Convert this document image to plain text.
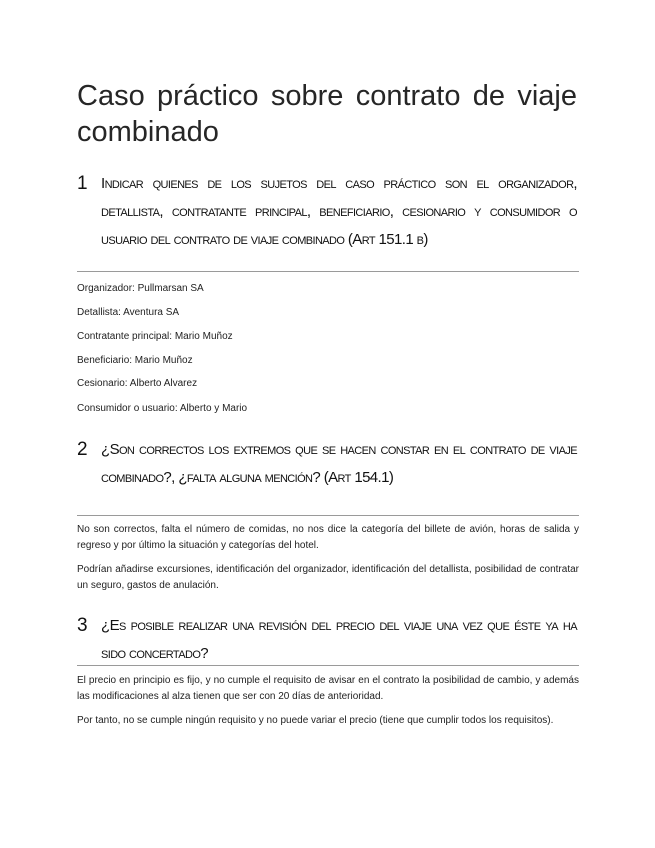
Caso práctico sobre contrato de viaje combinado
1 Indicar quienes de los sujetos del caso práctico son el organizador, detallista, contratante principal, beneficiario, cesionario y consumidor o usuario del contrato de viaje combinado (Art 151.1 b)

Organizador: Pullmarsan SA

Detallista: Aventura SA

Contratante principal: Mario Muñoz

Beneficiario: Mario Muñoz

Cesionario: Alberto Alvarez

Consumidor o usuario: Alberto y Mario

2 ¿Son correctos los extremos que se hacen constar en el contrato de viaje combinado?, ¿falta alguna mención? (Art 154.1)

No son correctos, falta el número de comidas, no nos dice la categoría del billete de avión, horas de salida y regreso y por último la situación y categorías del hotel.

Podrían añadirse excursiones, identificación del organizador, identificación del detallista, posibilidad de contratar un seguro, gastos de anulación.

3 ¿Es posible realizar una revisión del precio del viaje una vez que éste ya ha sido concertado?

El precio en principio es fijo, y no cumple el requisito de avisar en el contrato la posibilidad de cambio, y además las modificaciones al alza tienen que ser con 20 días de anterioridad.

Por tanto, no se cumple ningún requisito y no puede variar el precio (tiene que cumplir todos los requisitos).
